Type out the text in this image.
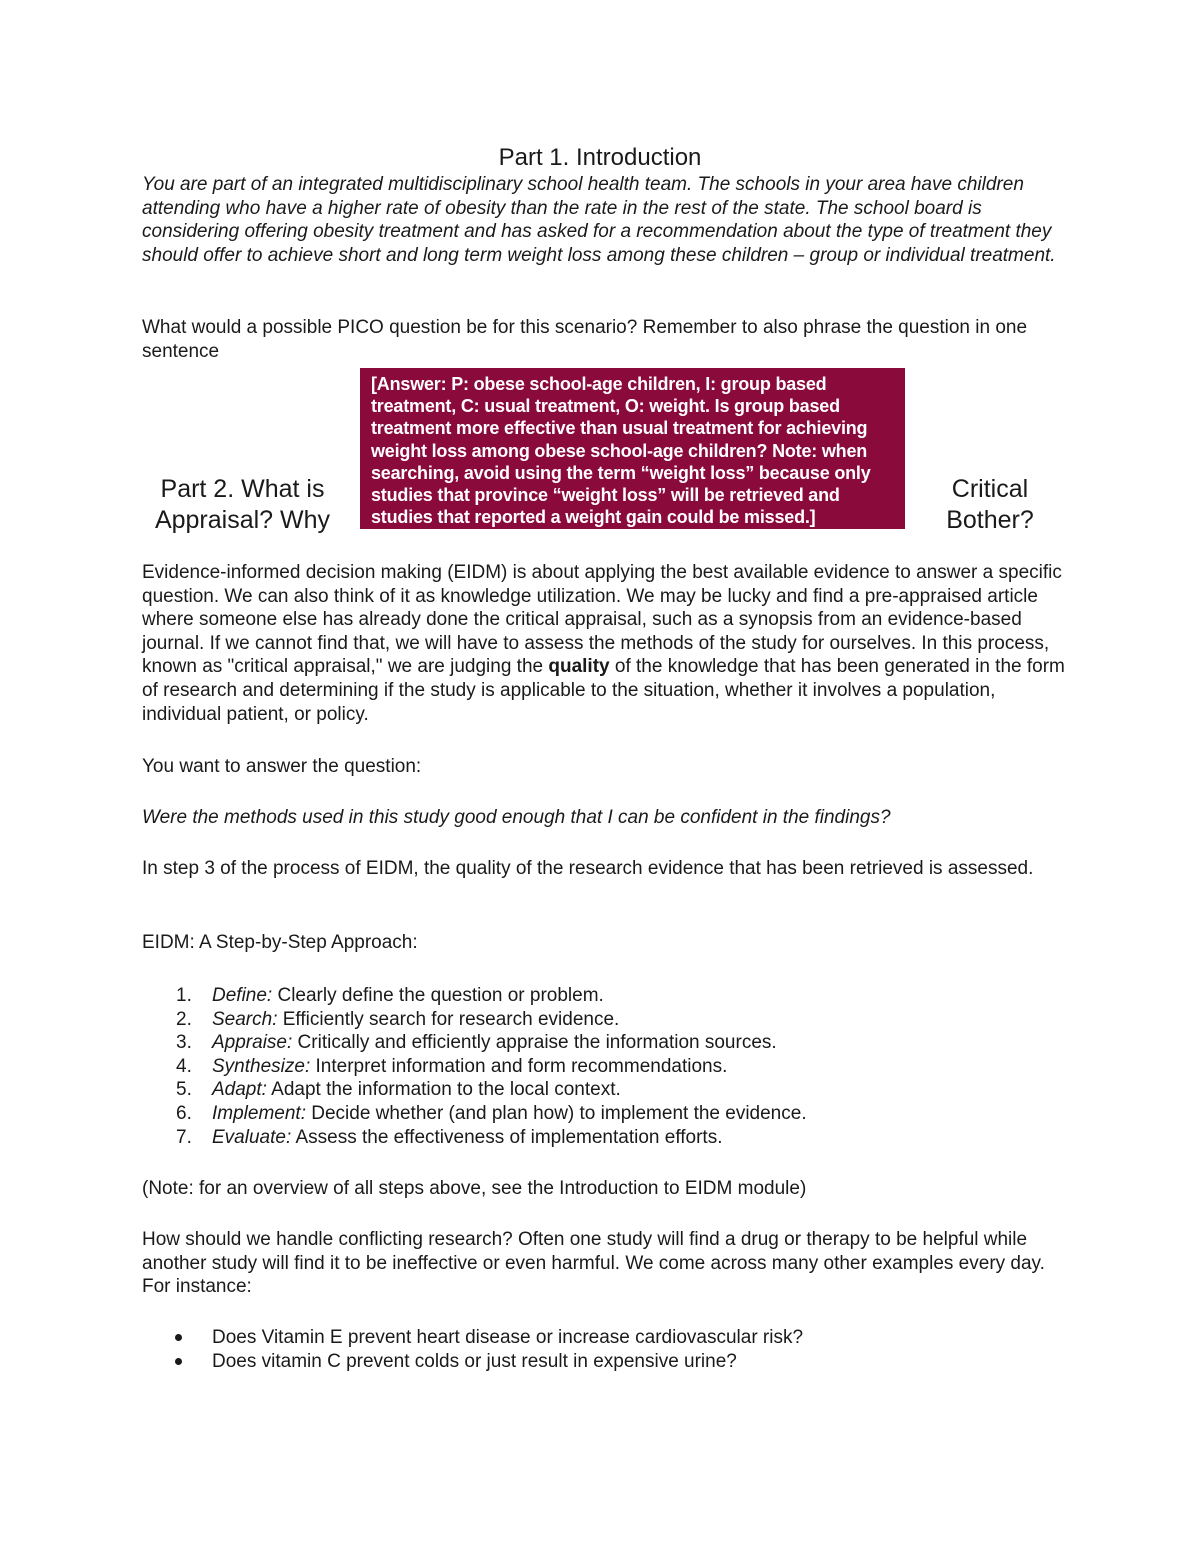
Part 1. Introduction

You are part of an integrated multidisciplinary school health team. The schools in your area have children attending who have a higher rate of obesity than the rate in the rest of the state. The school board is considering offering obesity treatment and has asked for a recommendation about the type of treatment they should offer to achieve short and long term weight loss among these children – group or individual treatment.

What would a possible PICO question be for this scenario? Remember to also phrase the question in one sentence

[Answer: P: obese school-age children, I: group based treatment, C: usual treatment, O: weight. Is group based treatment more effective than usual treatment for achieving weight loss among obese school-age children? Note: when searching, avoid using the term “weight loss” because only studies that province “weight loss” will be retrieved and studies that reported a weight gain could be missed.]

Part 2. What is Appraisal? Why
Critical Bother?

Evidence-informed decision making (EIDM) is about applying the best available evidence to answer a specific question. We can also think of it as knowledge utilization. We may be lucky and find a pre-appraised article where someone else has already done the critical appraisal, such as a synopsis from an evidence-based journal. If we cannot find that, we will have to assess the methods of the study for ourselves. In this process, known as "critical appraisal," we are judging the quality of the knowledge that has been generated in the form of research and determining if the study is applicable to the situation, whether it involves a population, individual patient, or policy.

You want to answer the question:

Were the methods used in this study good enough that I can be confident in the findings?

In step 3 of the process of EIDM, the quality of the research evidence that has been retrieved is assessed.

EIDM: A Step-by-Step Approach:

1. Define: Clearly define the question or problem.
2. Search: Efficiently search for research evidence.
3. Appraise: Critically and efficiently appraise the information sources.
4. Synthesize: Interpret information and form recommendations.
5. Adapt: Adapt the information to the local context.
6. Implement: Decide whether (and plan how) to implement the evidence.
7. Evaluate: Assess the effectiveness of implementation efforts.

(Note: for an overview of all steps above, see the Introduction to EIDM module)

How should we handle conflicting research? Often one study will find a drug or therapy to be helpful while another study will find it to be ineffective or even harmful. We come across many other examples every day. For instance:

Does Vitamin E prevent heart disease or increase cardiovascular risk?
Does vitamin C prevent colds or just result in expensive urine?
